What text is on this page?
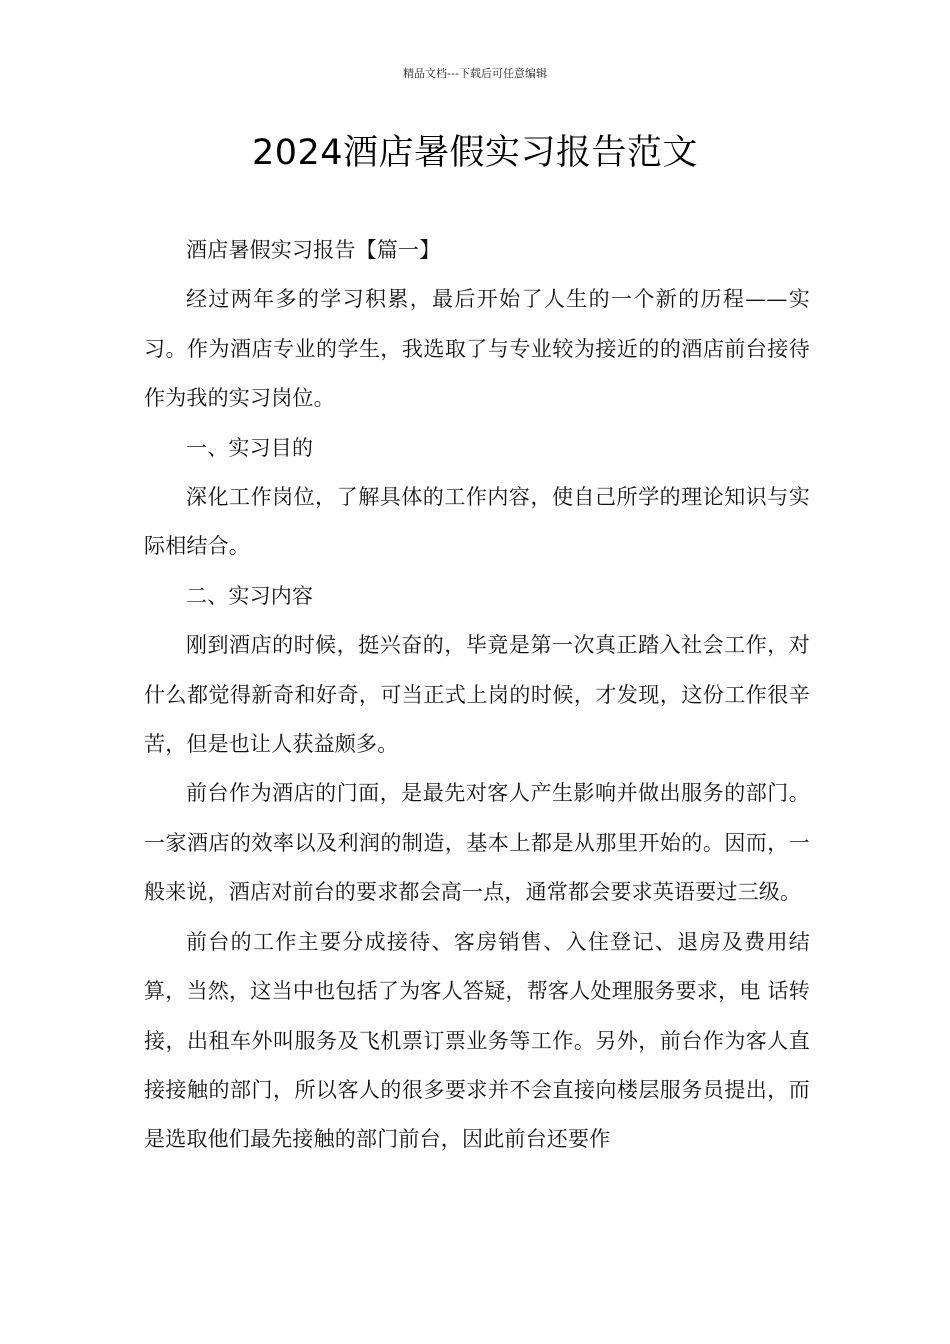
精品文档---下载后可任意编辑
2024酒店暑假实习报告范文

酒店暑假实习报告【篇一】

经过两年多的学习积累，最后开始了人生的一个新的历程——实习。作为酒店专业的学生，我选取了与专业较为接近的的酒店前台接待作为我的实习岗位。

一、实习目的

深化工作岗位，了解具体的工作内容，使自己所学的理论知识与实际相结合。

二、实习内容

刚到酒店的时候，挺兴奋的，毕竟是第一次真正踏入社会工作，对什么都觉得新奇和好奇，可当正式上岗的时候，才发现，这份工作很辛苦，但是也让人获益颇多。

前台作为酒店的门面，是最先对客人产生影响并做出服务的部门。一家酒店的效率以及利润的制造，基本上都是从那里开始的。因而，一般来说，酒店对前台的要求都会高一点，通常都会要求英语要过三级。

前台的工作主要分成接待、客房销售、入住登记、退房及费用结算，当然，这当中也包括了为客人答疑，帮客人处理服务要求，电 话转接，出租车外叫服务及飞机票订票业务等工作。另外，前台作为客人直接接触的部门，所以客人的很多要求并不会直接向楼层服务员提出，而是选取他们最先接触的部门前台，因此前台还要作
